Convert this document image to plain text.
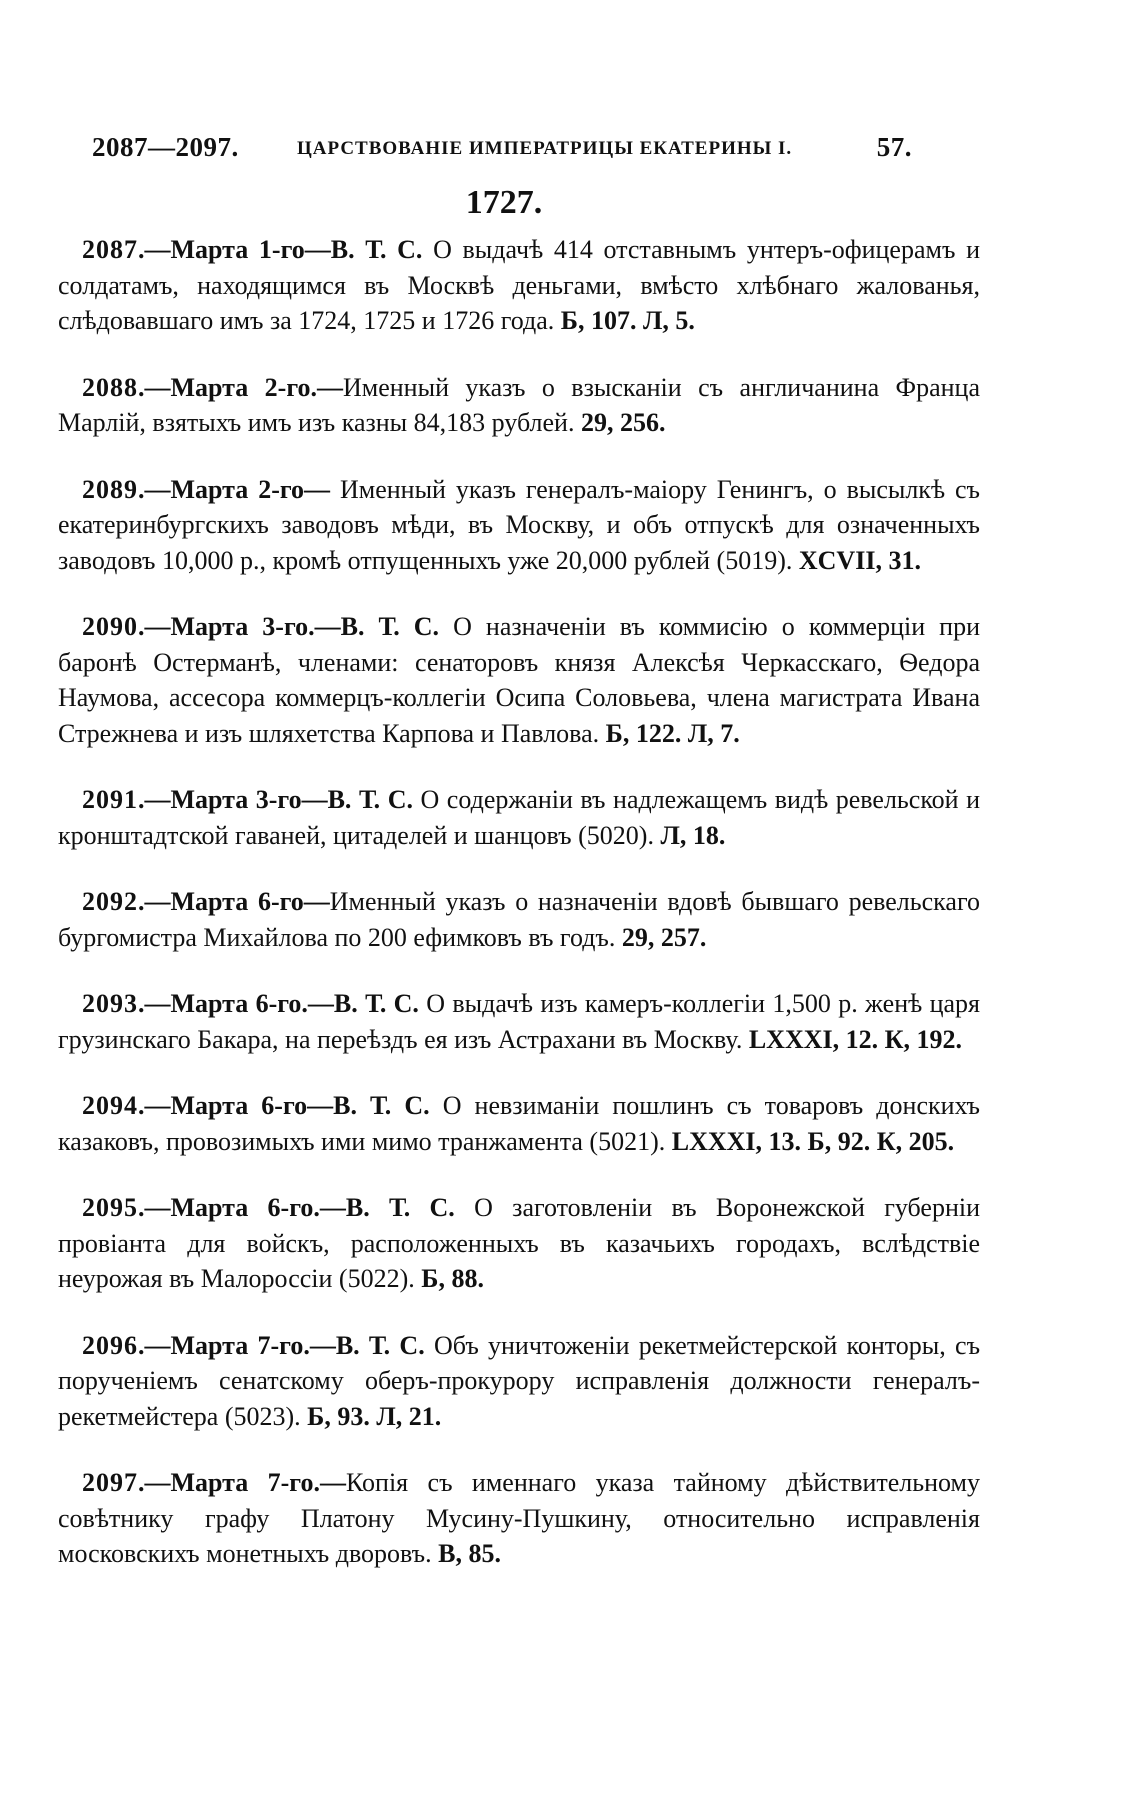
2087—2097.	ЦАРСТВОВАНІЕ ИМПЕРАТРИЦЫ ЕКАТЕРИНЫ I.	57.
1727.

2087.—Марта 1-го—В. Т. С. О выдачѣ 414 отставнымъ унтеръ-офицерамъ и солдатамъ, находящимся въ Москвѣ деньгами, вмѣсто хлѣбнаго жалованья, слѣдовавшаго имъ за 1724, 1725 и 1726 года. Б, 107. Л, 5.

2088.—Марта 2-го.—Именный указъ о взысканіи съ англичанина Франца Марлій, взятыхъ имъ изъ казны 84,183 рублей. 29, 256.

2089.—Марта 2-го— Именный указъ генералъ-маіору Генингъ, о высылкѣ съ екатеринбургскихъ заводовъ мѣди, въ Москву, и объ отпускѣ для означенныхъ заводовъ 10,000 р., кромѣ отпущенныхъ уже 20,000 рублей (5019). XCVII, 31.

2090.—Марта 3-го.—В. Т. С. О назначеніи въ коммисію о коммерціи при баронѣ Остерманѣ, членами: сенаторовъ князя Алексѣя Черкасскаго, Ѳедора Наумова, ассесора коммерцъ-коллегіи Осипа Соловьева, члена магистрата Ивана Стрежнева и изъ шляхетства Карпова и Павлова. Б, 122. Л, 7.

2091.—Марта 3-го—В. Т. С. О содержаніи въ надлежащемъ видѣ ревельской и кронштадтской гаваней, цитаделей и шанцовъ (5020). Л, 18.

2092.—Марта 6-го—Именный указъ о назначеніи вдовѣ бывшаго ревельскаго бургомистра Михайлова по 200 ефимковъ въ годъ. 29, 257.

2093.—Марта 6-го.—В. Т. С. О выдачѣ изъ камеръ-коллегіи 1,500 р. женѣ царя грузинскаго Бакара, на переѣздъ ея изъ Астрахани въ Москву. LXXXI, 12. К, 192.

2094.—Марта 6-го—В. Т. С. О невзиманіи пошлинъ съ товаровъ донскихъ казаковъ, провозимыхъ ими мимо транжамента (5021). LXXXI, 13. Б, 92. К, 205.

2095.—Марта 6-го.—В. Т. С. О заготовленіи въ Воронежской губерніи провіанта для войскъ, расположенныхъ въ казачьихъ городахъ, вслѣдствіе неурожая въ Малороссіи (5022). Б, 88.

2096.—Марта 7-го.—В. Т. С. Объ уничтоженіи рекетмейстерской конторы, съ порученіемъ сенатскому оберъ-прокурору исправленія должности генералъ-рекетмейстера (5023). Б, 93. Л, 21.

2097.—Марта 7-го.—Копія съ именнаго указа тайному дѣйствительному совѣтнику графу Платону Мусину-Пушкину, относительно исправленія московскихъ монетныхъ дворовъ. В, 85.
